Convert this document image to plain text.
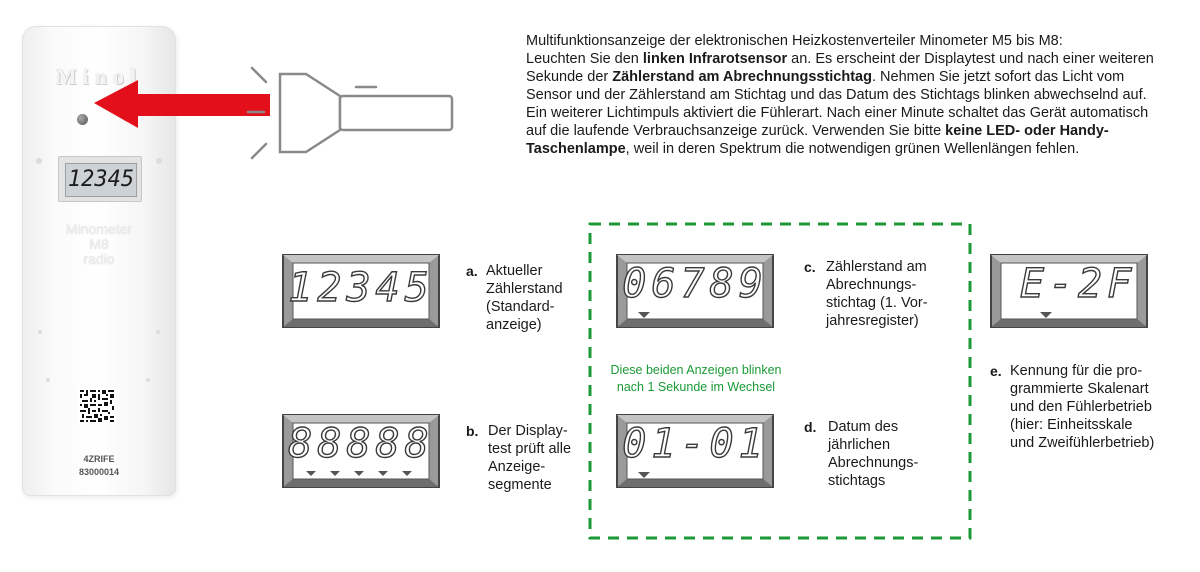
Minol
12345
Minometer
M8
radio
4ZRIFE
83000014
Multifunktionsanzeige der elektronischen Heizkostenverteiler Minometer M5 bis M8:
Leuchten Sie den linken Infrarotsensor an. Es erscheint der Displaytest und nach einer weiteren Sekunde der Zählerstand am Abrechnungsstichtag. Nehmen Sie jetzt sofort das Licht vom Sensor und der Zählerstand am Stichtag und das Datum des Stichtags blinken abwechselnd auf. Ein weiterer Lichtimpuls aktiviert die Fühlerart. Nach einer Minute schaltet das Gerät automatisch auf die laufende Verbrauchsanzeige zurück. Verwenden Sie bitte keine LED- oder Handy-Taschenlampe, weil in deren Spektrum die notwendigen grünen Wellenlängen fehlen.
12345	a. Aktueller
Zählerstand
(Standard-
anzeige)
88888	b. Der Display-
test prüft alle
Anzeige-
segmente
06789	c. Zählerstand am
Abrechnungs-
stichtag (1. Vor-
jahresregister)
Diese beiden Anzeigen blinken
nach 1 Sekunde im Wechsel
01-01	d. Datum des
jährlichen
Abrechnungs-
stichtags
E-2F
e. Kennung für die pro-
grammierte Skalenart
und den Fühlerbetrieb
(hier: Einheitsskale
und Zweifühlerbetrieb)
